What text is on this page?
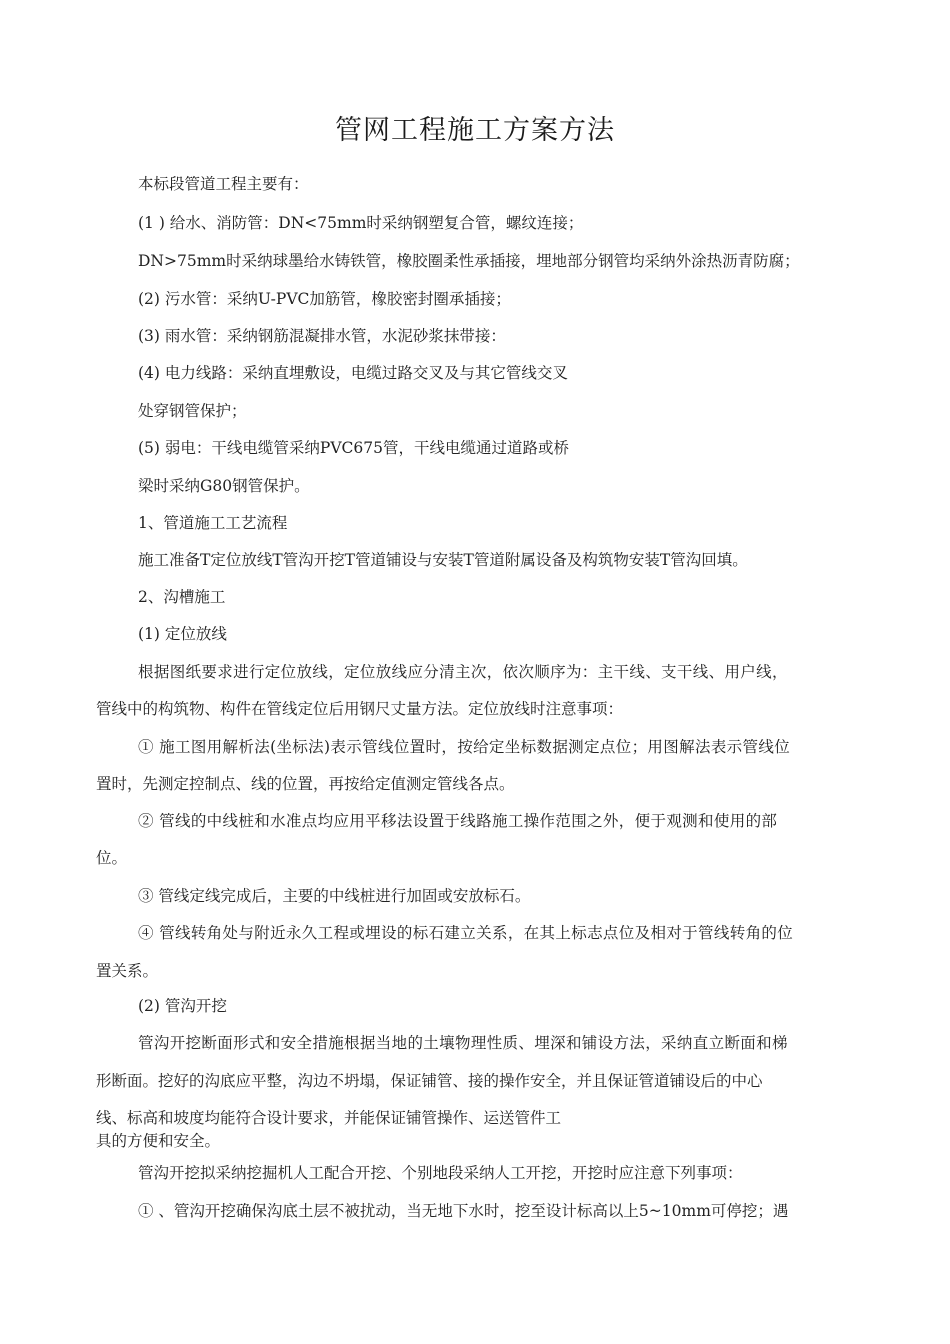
管网工程施工方案方法
本标段管道工程主要有：
(1 ) 给水、消防管：DN<75mm时采纳钢塑复合管，螺纹连接；
DN>75mm时采纳球墨给水铸铁管，橡胶圈柔性承插接，埋地部分钢管均采纳外涂热沥青防腐；
(2) 污水管：采纳U-PVC加筋管，橡胶密封圈承插接；
(3) 雨水管：采纳钢筋混凝排水管，水泥砂浆抹带接：
(4) 电力线路：采纳直埋敷设，电缆过路交叉及与其它管线交叉
处穿钢管保护；
(5) 弱电：干线电缆管采纳PVC675管，干线电缆通过道路或桥
梁时采纳G80钢管保护。
1、管道施工工艺流程
施工准备T定位放线T管沟开挖T管道铺设与安装T管道附属设备及构筑物安装T管沟回填。
2、沟槽施工
(1) 定位放线
根据图纸要求进行定位放线，定位放线应分清主次，依次顺序为：主干线、支干线、用户线，
管线中的构筑物、构件在管线定位后用钢尺丈量方法。定位放线时注意事项：
① 施工图用解析法(坐标法)表示管线位置时，按给定坐标数据测定点位；用图解法表示管线位
置时，先测定控制点、线的位置，再按给定值测定管线各点。
② 管线的中线桩和水准点均应用平移法设置于线路施工操作范围之外，便于观测和使用的部
位。
③ 管线定线完成后，主要的中线桩进行加固或安放标石。
④ 管线转角处与附近永久工程或埋设的标石建立关系，在其上标志点位及相对于管线转角的位
置关系。
(2) 管沟开挖
管沟开挖断面形式和安全措施根据当地的土壤物理性质、埋深和铺设方法，采纳直立断面和梯
形断面。挖好的沟底应平整，沟边不坍塌，保证铺管、接的操作安全，并且保证管道铺设后的中心
线、标高和坡度均能符合设计要求，并能保证铺管操作、运送管件工
具的方便和安全。
管沟开挖拟采纳挖掘机人工配合开挖、个别地段采纳人工开挖，开挖时应注意下列事项：
① 、管沟开挖确保沟底土层不被扰动，当无地下水时，挖至设计标高以上5~10mm可停挖；遇
